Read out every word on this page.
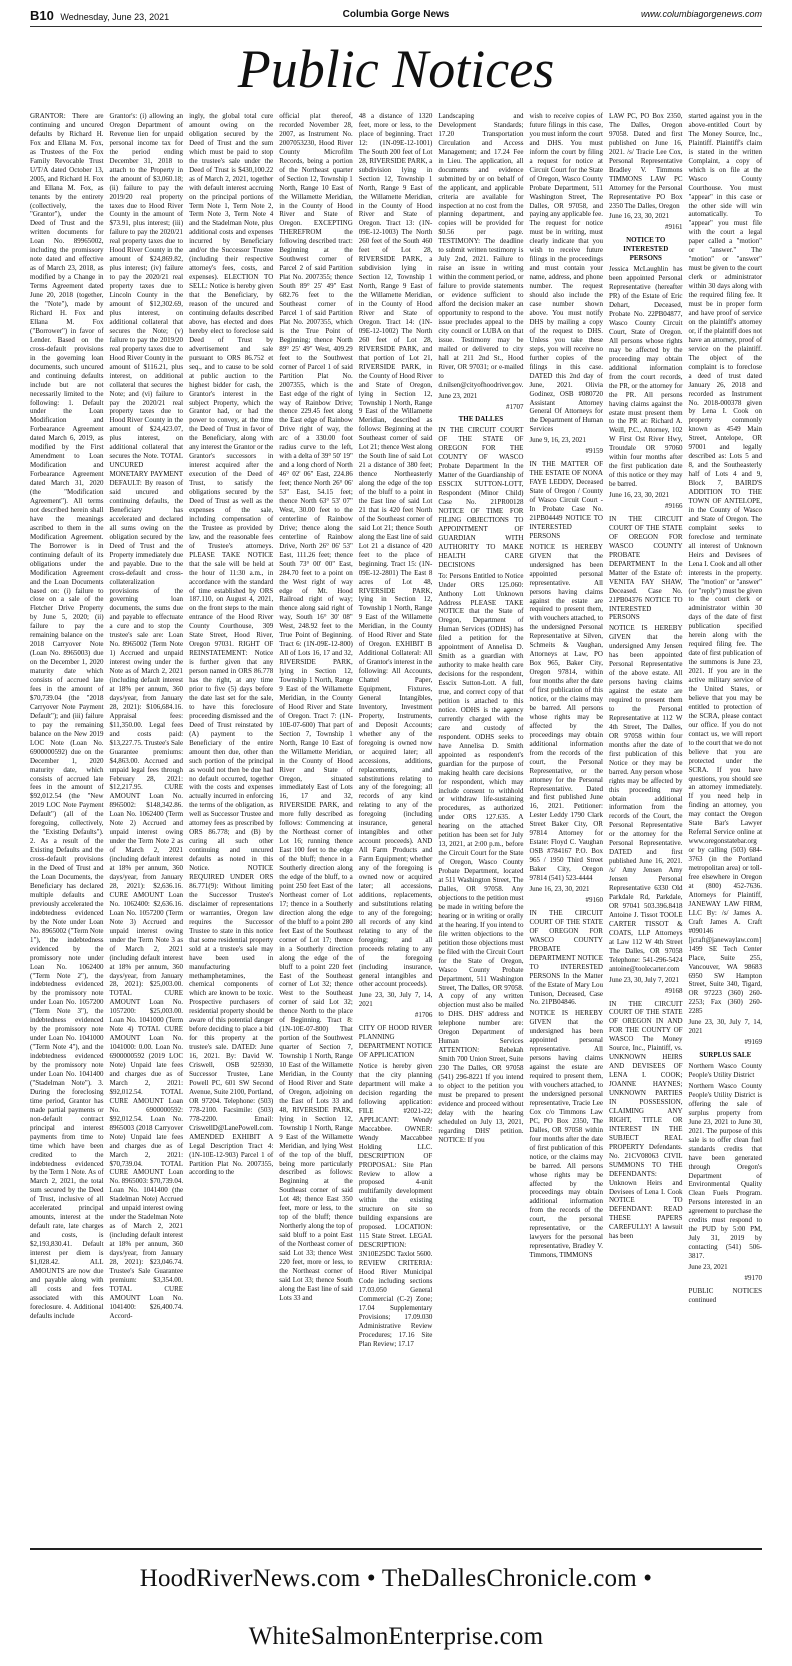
B10 Wednesday, June 23, 2021	Columbia Gorge News	www.columbiagorgenews.com
Public Notices

GRANTOR: There are continuing and uncured defaults by Richard H. Fox and Ellana M. Fox, as Trustees of the Fox Family Revocable Trust U/T/A dated October 13, 2005, and Richard H. Fox and Ellana M. Fox, as tenants by the entirety (collectively, the "Grantor"), under the Deed of Trust and the written documents for Loan No. 89965002, including the promissory note dated and effective as of March 23, 2018, as modified by a Change in Terms Agreement dated June 20, 2018 (together, the "Note"), made by Richard H. Fox and Ellana M. Fox ("Borrower") in favor of Lender. Based on the cross-default provisions in the governing loan documents, such uncured and continuing defaults include but are not necessarily limited to the following: 1. Default under the Loan Modification and Forbearance Agreement dated March 6, 2019, as modified by the First Amendment to Loan Modification and Forbearance Agreement dated March 31, 2020 (the "Modification Agreement"). All terms not described herein shall have the meanings ascribed to them in the Modification Agreement. The Borrower is in continuing default of its obligations under the Modification Agreement and the Loan Documents based on: (i) failure to close on a sale of the Fletcher Drive Property by June 5, 2020; (ii) failure to pay the remaining balance on the 2018 Carryover Note (Loan No. 8965003) due on the December 1, 2020 maturity date which consists of accrued late fees in the amount of $70,739.04 (the "2018 Carryover Note Payment Default"); and (iii) failure to pay the remaining balance on the New 2019 LOC Note (Loan No. 6900000592) due on the December 1, 2020 maturity date, which consists of accrued late fees in the amount of $92,012.54 (the "New 2019 LOC Note Payment Default") (all of the foregoing, collectively, the "Existing Defaults"). 2. As a result of the Existing Defaults and the cross-default provisions in the Deed of Trust and the Loan Documents, the Beneficiary has declared multiple defaults and previously accelerated the indebtedness evidenced by the Note under Loan No. 8965002 ("Term Note 1"), the indebtedness evidenced by the promissory note under Loan No. 1062400 ("Term Note 2"), the indebtedness evidenced by the promissory note under Loan No. 1057200 ("Term Note 3"), the indebtedness evidenced by the promissory note under Loan No. 1041000 ("Term Note 4"), and the indebtedness evidenced by the promissory note under Loan No. 1041400 ("Stadelman Note"). 3. During the foreclosing time period, Grantor has made partial payments or non-default contract principal and interest payments from time to time which have been credited to the indebtedness evidenced by the Term 1 Note. As of March 2, 2021, the total sum secured by the Deed of Trust, inclusive of all accelerated principal amounts, interest at the default rate, late charges and costs, is $2,193,830.41. Default interest per diem is $1,028.42. ALL AMOUNTS are now due and payable along with all costs and fees associated with this foreclosure. 4. Additional defaults include

Grantor's: (i) allowing an Oregon Department of Revenue lien for unpaid personal income tax for the period ending December 31, 2018 to attach to the Property in the amount of $3,060.18; (ii) failure to pay the 2019/20 real property taxes due to Hood River County in the amount of $73.91, plus interest; (iii) failure to pay the 2020/21 real property taxes due to Hood River County in the amount of $24,869.82, plus interest; (iv) failure to pay the 2020/21 real property taxes due to Lincoln County in the amount of $12,302.69, plus interest, on additional collateral that secures the Note; (v) failure to pay the 2019/20 real property taxes due to Hood River County in the amount of $116.21, plus interest, on additional collateral that secures the Note; and (vi) failure to pay the 2020/21 real property taxes due to Hood River County in the amount of $24,423.07, plus interest, on additional collateral that secures the Note. TOTAL UNCURED MONETARY PAYMENT DEFAULT: By reason of said uncured and continuing defaults, the Beneficiary has accelerated and declared all sums owing on the obligation secured by the Deed of Trust and the Property immediately due and payable. Due to the cross-default and cross-collateralization provisions of the governing loan documents, the sums due and payable to effectuate a cure and to stop the trustee's sale are: Loan No. 8965002 (Term Note 1) Accrued and unpaid interest owing under the Note as of March 2, 2021 (including default interest at 18% per annum, 360 days/year, from January 28, 2021): $106,684.16. Appraisal fees: $11,350.00. Legal fees and costs paid: $13,227.75. Trustee's Sale Guarantee premiums: $4,863.00. Accrued and unpaid legal fees through February 28, 2021: $12,217.95. CURE AMOUNT Loan No. 8965002: $148,342.86. Loan No. 1062400 (Term Note 2) Accrued and unpaid interest owing under the Term Note 2 as of March 2, 2021 (including default interest at 18% per annum, 360 days/year, from January 28, 2021): $2,636.16. CURE AMOUNT Loan No. 1062400: $2,636.16. Loan No. 1057200 (Term Note 3) Accrued and unpaid interest owing under the Term Note 3 as of March 2, 2021 (including default interest at 18% per annum, 360 days/year, from January 28, 2021): $25,003.00. TOTAL CURE AMOUNT Loan No. 1057200: $25,003.00. Loan No. 1041000 (Term Note 4) TOTAL CURE AMOUNT Loan No. 1041000: 0.00. Loan No. 6900000592 (2019 LOC Note) Unpaid late fees and charges due as of March 2, 2021: $92,012.54. TOTAL CURE AMOUNT Loan No. 6900000592: $92,012.54. Loan No. 8965003 (2018 Carryover Note) Unpaid late fees and charges due as of March 2, 2021: $70,739.04. TOTAL CURE AMOUNT Loan No. 8965003: $70,739.04. Loan No. 1041400 (the Stadelman Note) Accrued and unpaid interest owing under the Stadelman Note as of March 2, 2021 (including default interest at 18% per annum, 360 days/year, from January 28, 2021): $23,046.74. Trustee's Sale Guarantee premium: $3,354.00. TOTAL CURE AMOUNT Loan No. 1041400: $26,400.74. Accord-

ingly, the global total cure amount owing on the obligation secured by the Deed of Trust and the sum which must be paid to stop the trustee's sale under the Deed of Trust is $430,100.22 as of March 2, 2021, together with default interest accruing on the principal portions of Term Note 1, Term Note 2, Term Note 3, Term Note 4 and the Stadelman Note, plus additional costs and expenses incurred by Beneficiary and/or the Successor Trustee (including their respective attorney's fees, costs, and expenses). ELECTION TO SELL: Notice is hereby given that the Beneficiary, by reason of the uncured and continuing defaults described above, has elected and does hereby elect to foreclose said Deed of Trust by advertisement and sale pursuant to ORS 86.752 et seq., and to cause to be sold at public auction to the highest bidder for cash, the Grantor's interest in the subject Property, which the Grantor had, or had the power to convey, at the time the Deed of Trust in favor of the Beneficiary, along with any interest the Grantor or the Grantor's successors in interest acquired after the execution of the Deed of Trust, to satisfy the obligations secured by the Deed of Trust as well as the expenses of the sale, including compensation of the Trustee as provided by law, and the reasonable fees of Trustee's attorneys. PLEASE TAKE NOTICE that the sale will be held at the hour of 11:30 a.m., in accordance with the standard of time established by ORS 187.110, on August 4, 2021, on the front steps to the main entrance of the Hood River County Courthouse, 309 State Street, Hood River, Oregon 97031. RIGHT OF REINSTATEMENT: Notice is further given that any person named in ORS 86.778 has the right, at any time prior to five (5) days before the date last set for the sale, to have this foreclosure proceeding dismissed and the Deed of Trust reinstated by (A) payment to the Beneficiary of the entire amount then due, other than such portion of the principal as would not then be due had no default occurred, together with the costs and expenses actually incurred in enforcing the terms of the obligation, as well as Successor Trustee and attorney fees as prescribed by ORS 86.778; and (B) by curing all such other continuing and uncured defaults as noted in this Notice. NOTICE REQUIRED UNDER ORS 86.771(9): Without limiting the Successor Trustee's disclaimer of representations or warranties, Oregon law requires the Successor Trustee to state in this notice that some residential property sold at a trustee's sale may have been used in manufacturing methamphetamines, the chemical components of which are known to be toxic. Prospective purchasers of residential property should be aware of this potential danger before deciding to place a bid for this property at the trustee's sale. DATED: June 16, 2021. By: David W. Criswell, OSB 925930, Successor Trustee, Lane Powell PC, 601 SW Second Avenue, Suite 2100, Portland, OR 97204. Telephone: (503) 778-2100. Facsimile: (503) 778-2200. Email: CriswellD@LanePowell.com. AMENDED EXHIBIT A Legal Description Tract 4: (1N-10E-12-903) Parcel 1 of Partition Plat No. 2007355, according to the

official plat thereof, recorded November 28, 2007, as Instrument No. 2007053230, Hood River County Microfilm Records, being a portion of the Northeast quarter of Section 12, Township 1 North, Range 10 East of the Willamette Meridian, in the County of Hood River and State of Oregon. EXCEPTING THEREFROM the following described tract: Beginning at the Southwest corner of Parcel 2 of said Partition Plat No. 2007355; thence South 89° 25' 49" East 682.76 feet to the Southeast corner of Parcel 1 of said Partition Plat No. 2007355, which is the True Point of Beginning; thence North 89° 25' 49" West, 409.29 feet to the Southwest corner of Parcel 1 of said Partition Plat No. 2007355, which is the East edge of the right of way of Rainbow Drive; thence 229.45 feet along the East edge of Rainbow Drive right of way, the arc of a 330.00 foot radius curve to the left, with a delta of 39° 50' 19" and a long chord of North 46° 02' 06" East, 224.86 feet; thence North 26° 06' 53" East, 54.15 feet; thence North 63° 53' 07" West, 30.00 feet to the centerline of Rainbow Drive; thence along the centerline of Rainbow Drive, North 26° 06' 53" East, 111.26 feet; thence South 73° 00' 00" East, 284.70 feet to a point on the West right of way edge of Mt. Hood Railroad right of way; thence along said right of way, South 16° 30' 08" West, 248.92 feet to the True Point of Beginning. Tract 6: (1N-09E-12-800) All of Lots 16, 17 and 32, RIVERSIDE PARK, lying in Section 12, Township 1 North, Range 9 East of the Willamette Meridian, in the County of Hood River and State of Oregon. Tract 7: (1N-10E-07-600) That part of Section 7, Township 1 North, Range 10 East of the Willamette Meridian, in the County of Hood River and State of Oregon, situated immediately East of Lots 16, 17 and 32, RIVERSIDE PARK, and more fully described as follows: Commencing at the Northeast corner of Lot 16; running thence East 100 feet to the edge of the bluff; thence in a Southerly direction along the edge of the bluff, to a point 250 feet East of the Northeast corner of Lot 17; thence in a Southerly direction along the edge of the bluff to a point 280 feet East of the Southeast corner of Lot 17; thence in a Southerly direction along the edge of the bluff to a point 220 feet East of the Southeast corner of Lot 32; thence West to the Southeast corner of said Lot 32; thence North to the place of Beginning. Tract 8: (1N-10E-07-800) That portion of the Southwest quarter of Section 7, Township 1 North, Range 10 East of the Willamette Meridian, in the County of Hood River and State of Oregon, adjoining on the East of Lots 33 and 48, RIVERSIDE PARK, lying in Section 12, Township 1 North, Range 9 East of the Willamette Meridian, and lying West of the top of the bluff, being more particularly described as follows: Beginning at the Southeast corner of said Lot 48; thence East 350 feet, more or less, to the top of the bluff; thence Northerly along the top of said bluff to a point East of the Northeast corner of said Lot 33; thence West 220 feet, more or less, to the Northeast corner of said Lot 33; thence South along the East line of said Lots 33 and

48 a distance of 1320 feet, more or less, to the place of beginning. Tract 12: (1N-09E-12-1001) The South 200 feet of Lot 28, RIVERSIDE PARK, a subdivision lying in Section 12, Township 1 North, Range 9 East of the Willamette Meridian, in the County of Hood River and State of Oregon. Tract 13: (1N-09E-12-1003) The North 260 feet of the South 460 feet of Lot 28, RIVERSIDE PARK, a subdivision lying in Section 12, Township 1 North, Range 9 East of the Willamette Meridian, in the County of Hood River and State of Oregon. Tract 14: (1N-09E-12-1002) The North 260 feet of Lot 28, RIVERSIDE PARK, and that portion of Lot 21, RIVERSIDE PARK, in the County of Hood River and State of Oregon, lying in Section 12, Township 1 North, Range 9 East of the Willamette Meridian, described as follows: Beginning at the Southeast corner of said Lot 21; thence West along the South line of said Lot 21 a distance of 380 feet; thence Northeasterly along the edge of the top of the bluff to a point in the East line of said Lot 21 that is 420 feet North of the Southeast corner of said Lot 21; thence South along the East line of said Lot 21 a distance of 420 feet to the place of beginning. Tract 15: (1N-09E-12-2801) The East 8 acres of Lot 48, RIVERSIDE PARK, lying in Section 12, Township 1 North, Range 9 East of the Willamette Meridian, in the County of Hood River and State of Oregon. EXHIBIT B Additional Collateral: All of Grantor's interest in the following: All Accounts, Chattel Paper, Equipment, Fixtures, General Intangibles, Inventory, Investment Property, Instruments, and Deposit Accounts; whether any of the foregoing is owned now or acquired later; all accessions, additions, replacements, and substitutions relating to any of the foregoing; all records of any kind relating to any of the foregoing (including insurance, general intangibles and other account proceeds). AND All Farm Products and Farm Equipment; whether any of the foregoing is owned now or acquired later; all accessions, additions, replacements, and substitutions relating to any of the foregoing; all records of any kind relating to any of the foregoing; and all proceeds relating to any of the foregoing (including insurance, general intangibles and other account proceeds).

June 23, 30, July 7, 14, 2021

#1706

CITY OF HOOD RIVER PLANNING DEPARTMENT NOTICE OF APPLICATION

Notice is hereby given that the city planning department will make a decision regarding the following application: FILE #2021-22; APPLICANT: Wendy Maccabbee. OWNER: Wendy Maccabbee Holding LLC. DESCRIPTION OF PROPOSAL: Site Plan Review to allow a proposed 4-unit multifamily development within the existing structure on site so building expansions are proposed. LOCATION: 115 State Street. LEGAL DESCRIPTION: 3N10E25DC Taxlot 5600. REVIEW CRITERIA: Hood River Municipal Code including sections 17.03.050 General Commercial (C-2) Zone; 17.04 Supplementary Provisions; 17.09.030 Administrative Review Procedures; 17.16 Site Plan Review; 17.17

Landscaping and Development Standards; 17.20 Transportation Circulation and Access Management; and 17.24 Fee in Lieu. The application, all documents and evidence submitted by or on behalf of the applicant, and applicable criteria are available for inspection at no cost from the planning department, and copies will be provided for $0.56 per page. TESTIMONY: The deadline to submit written testimony is July 2nd, 2021. Failure to raise an issue in writing within the comment period, or failure to provide statements or evidence sufficient to afford the decision maker an opportunity to respond to the issue precludes appeal to the city council or LUBA on that issue. Testimony may be mailed or delivered to city hall at 211 2nd St., Hood River, OR 97031; or e-mailed to d.nilsen@cityofhoodriver.gov.

June 23, 2021

#1707

THE DALLES

IN THE CIRCUIT COURT OF THE STATE OF OREGON FOR THE COUNTY OF WASCO Probate Department In the Matter of the Guardianship of ESSCIX SUTTON-LOTT, Respondent (Minor Child) Case No. 21PR00128 NOTICE OF TIME FOR FILING OBJECTIONS TO APPOINTMENT OF GUARDIAN WITH AUTHORITY TO MAKE HEALTH CARE DECISIONS

To: Persons Entitled to Notice Under ORS 125.060: Anthony Lott Unknown Address PLEASE TAKE NOTICE that the State of Oregon, Department of Human Services (ODHS) has filed a petition for the appointment of Annelisa D. Smith as a guardian with authority to make health care decisions for the respondent, Esscix Sutton-Lott. A full, true, and correct copy of that petition is attached to this notice. ODHS is the agency currently charged with the care and custody of respondent. ODHS seeks to have Annelisa D. Smith appointed as respondent's guardian for the purpose of making health care decisions for respondent, which may include consent to withhold or withdraw life-sustaining procedures, as authorized under ORS 127.635. A hearing on the attached petition has been set for July 13, 2021, at 2:00 p.m., before the Circuit Court for the State of Oregon, Wasco County Probate Department, located at 511 Washington Street, The Dalles, OR 97058. Any objections to the petition must be made in writing before the hearing or in writing or orally at the hearing. If you intend to file written objections to the petition those objections must be filed with the Circuit Court for the State of Oregon, Wasco County Probate Department, 511 Washington Street, The Dalles, OR 97058. A copy of any written objection must also be mailed to DHS. DHS' address and telephone number are: Oregon Department of Human Services ATTENTION: Rebekah Smith 700 Union Street, Suite 230 The Dalles, OR 97058 (541) 296-8221 If you intend to object to the petition you must be prepared to present evidence and proceed without delay with the hearing scheduled on July 13, 2021, regarding DHS' petition. NOTICE: If you

wish to receive copies of future filings in this case, you must inform the court and DHS. You must inform the court by filing a request for notice at Circuit Court for the State of Oregon, Wasco County Probate Department, 511 Washington Street, The Dalles, OR 97058, and paying any applicable fee. The request for notice must be in writing, must clearly indicate that you wish to receive future filings in the proceedings and must contain your name, address, and phone number. The request should also include the case number shown above. You must notify DHS by mailing a copy of the request to DHS. Unless you take these steps, you will receive no further copies of the filings in this case. DATED this 2nd day of June, 2021. Olivia Godinez, OSB #080720 Assistant Attorney General Of Attorneys for the Department of Human Services

June 9, 16, 23, 2021

#9159

IN THE MATTER OF THE ESTATE OF NONA FAYE LEDDY, Deceased State of Oregon / County of Wasco Circuit Court - In Probate Case No. 21PB04449 NOTICE TO INTERESTED PERSONS

NOTICE IS HEREBY GIVEN that the undersigned has been appointed personal representative. All persons having claims against the estate are required to present them, with vouchers attached, to the undersigned Personal Representative at Silven, Schmeits & Vaughan, Attorneys at Law, PO Box 965, Baker City, Oregon 97814, within four months after the date of first publication of this notice, or the claims may be barred. All persons whose rights may be affected by the proceedings may obtain additional information from the records of the court, the Personal Representative, or the attorney for the Personal Representative. Dated and first published June 16, 2021. Petitioner: Lester Leddy 1790 Clark Street Baker City, OR 97814 Attorney for Estate: Floyd C. Vaughan OSB #784167 P.O. Box 965 / 1950 Third Street Baker City, Oregon 97814 (541) 523-4444

June 16, 23, 30, 2021

#9160

IN THE CIRCUIT COURT OF THE STATE OF OREGON FOR WASCO COUNTY PROBATE DEPARTMENT NOTICE TO INTERESTED PERSONS In the Matter of the Estate of Mary Lou Tunison, Deceased, Case No. 21PB04846.

NOTICE IS HEREBY GIVEN that the undersigned has been appointed personal representative. All persons having claims against the estate are required to present them, with vouchers attached, to the undersigned personal representative, Tracie Lee Cox c/o Timmons Law PC, PO Box 2350, The Dalles, OR 97058 within four months after the date of first publication of this notice, or the claims may be barred. All persons whose rights may be affected by the proceedings may obtain additional information from the records of the court, the personal representative, or the lawyers for the personal representative, Bradley V. Timmons, TIMMONS

LAW PC, PO Box 2350, The Dalles, Oregon 97058. Dated and first published on June 16, 2021. /s/ Tracie Lee Cox, Personal Representative Bradley V. Timmons TIMMONS LAW PC Attorney for the Personal Representative PO Box 2350 The Dalles, Oregon

June 16, 23, 30, 2021

#9161

NOTICE TO INTERESTED PERSONS

Jessica McLaughlin has been appointed Personal Representative (hereafter PR) of the Estate of Eric Dehart, Deceased, Probate No. 22PB04877, Wasco County Circuit Court, State of Oregon. All persons whose rights may be affected by the proceeding may obtain additional information from the court records, the PR, or the attorney for the PR. All persons having claims against the estate must present them to the PR at: Richard A. Weill, P.C., Attorney, 102 W First Ost River Hwy, Troutdale OR 97060 within four months after the first publication date of this notice or they may be barred.

June 16, 23, 30, 2021

#9166

IN THE CIRCUIT COURT OF THE STATE OF OREGON FOR WASCO COUNTY PROBATE DEPARTMENT In the Matter of the Estate of: VENITA FAY SHAW, Deceased. Case No. 21PB04376 NOTICE TO INTERESTED PERSONS

NOTICE IS HEREBY GIVEN that the undersigned Amy Jensen has been appointed Personal Representative of the above estate. All persons having claims against the estate are required to present them to the Personal Representative at 112 W 4th Street, The Dalles, OR 97058 within four months after the date of first publication of this Notice or they may be barred. Any person whose rights may be affected by this proceeding may obtain additional information from the records of the Court, the Personal Representative or the attorney for the Personal Representative. DATED and first published June 16, 2021. /s/ Amy Jensen Amy Jensen Personal Representative 6330 Old Parkdale Rd, Parkdale, OR 97041 503.396.8418 Antoine J. Tissot TOOLE CARTER TISSOT & COATS, LLP Attorneys at Law 112 W 4th Street The Dalles, OR 97058 Telephone: 541-296-5424 antoine@toolecarter.com

June 23, 30, July 7, 2021

#9168

IN THE CIRCUIT COURT OF THE STATE OF OREGON IN AND FOR THE COUNTY OF WASCO The Money Source, Inc., Plaintiff, vs. UNKNOWN HEIRS AND DEVISEES OF LENA I. COOK; JOANNE HAYNES; UNKNOWN PARTIES IN POSSESSION, CLAIMING ANY RIGHT, TITLE OR INTEREST IN THE SUBJECT REAL PROPERTY Defendants. No. 21CV08063 CIVIL SUMMONS TO THE DEFENDANTS: Unknown Heirs and Devisees of Lena I. Cook NOTICE TO DEFENDANT: READ THESE PAPERS CAREFULLY! A lawsuit has been

started against you in the above-entitled Court by The Money Source, Inc., Plaintiff. Plaintiff's claim is stated in the written Complaint, a copy of which is on file at the Wasco County Courthouse. You must "appear" in this case or the other side will win automatically. To "appear" you must file with the court a legal paper called a "motion" or "answer." The "motion" or "answer" must be given to the court clerk or administrator within 30 days along with the required filing fee. It must be in proper form and have proof of service on the plaintiff's attorney or, if the plaintiff does not have an attorney, proof of service on the plaintiff. The object of the complaint is to foreclose a deed of trust dated January 26, 2018 and recorded as Instrument No. 2018-000378 given by Lena I. Cook on property commonly known as 4549 Main Street, Antelope, OR 97001 and legally described as: Lots 5 and 8, and the Southeasterly half of Lots 4 and 9, Block 7, BAIRD'S ADDITION TO THE TOWN OF ANTELOPE, in the County of Wasco and State of Oregon. The complaint seeks to foreclose and terminate all interest of Unknown Heirs and Devisees of Lena I. Cook and all other interests in the property. The "motion" or "answer" (or "reply") must be given to the court clerk or administrator within 30 days of the date of first publication specified herein along with the required filing fee. The date of first publication of the summons is June 23, 2021. If you are in the active military service of the United States, or believe that you may be entitled to protection of the SCRA, please contact our office. If you do not contact us, we will report to the court that we do not believe that you are protected under the SCRA. If you have questions, you should see an attorney immediately. If you need help in finding an attorney, you may contact the Oregon State Bar's Lawyer Referral Service online at www.oregonstatebar.org or by calling (503) 684-3763 (in the Portland metropolitan area) or toll-free elsewhere in Oregon at (800) 452-7636. Attorneys for Plaintiff, JANEWAY LAW FIRM, LLC By: /s/ James A. Craft James A. Craft #090146 [jcraft@janewaylaw.com] 1499 SE Tech Center Place, Suite 255, Vancouver, WA 98683 6950 SW Hampton Street, Suite 340, Tigard, OR 97223 (360) 260-2253; Fax (360) 260-2285

June 23, 30, July 7, 14, 2021

#9169

SURPLUS SALE

Northern Wasco County People's Utility District

Northern Wasco County People's Utility District is offering the sale of surplus property from June 23, 2021 to June 30, 2021. The purpose of this sale is to offer clean fuel standards credits that have been generated through Oregon's Department of Environmental Quality Clean Fuels Program. Persons interested in an agreement to purchase the credits must respond to the PUD by 5:00 PM, July 31, 2019 by contacting (541) 506-3817.

June 23, 2021

#9170

PUBLIC NOTICES continued

HoodRiverNews.com • TheDallesChronicle.com • WhiteSalmonEnterprise.com
